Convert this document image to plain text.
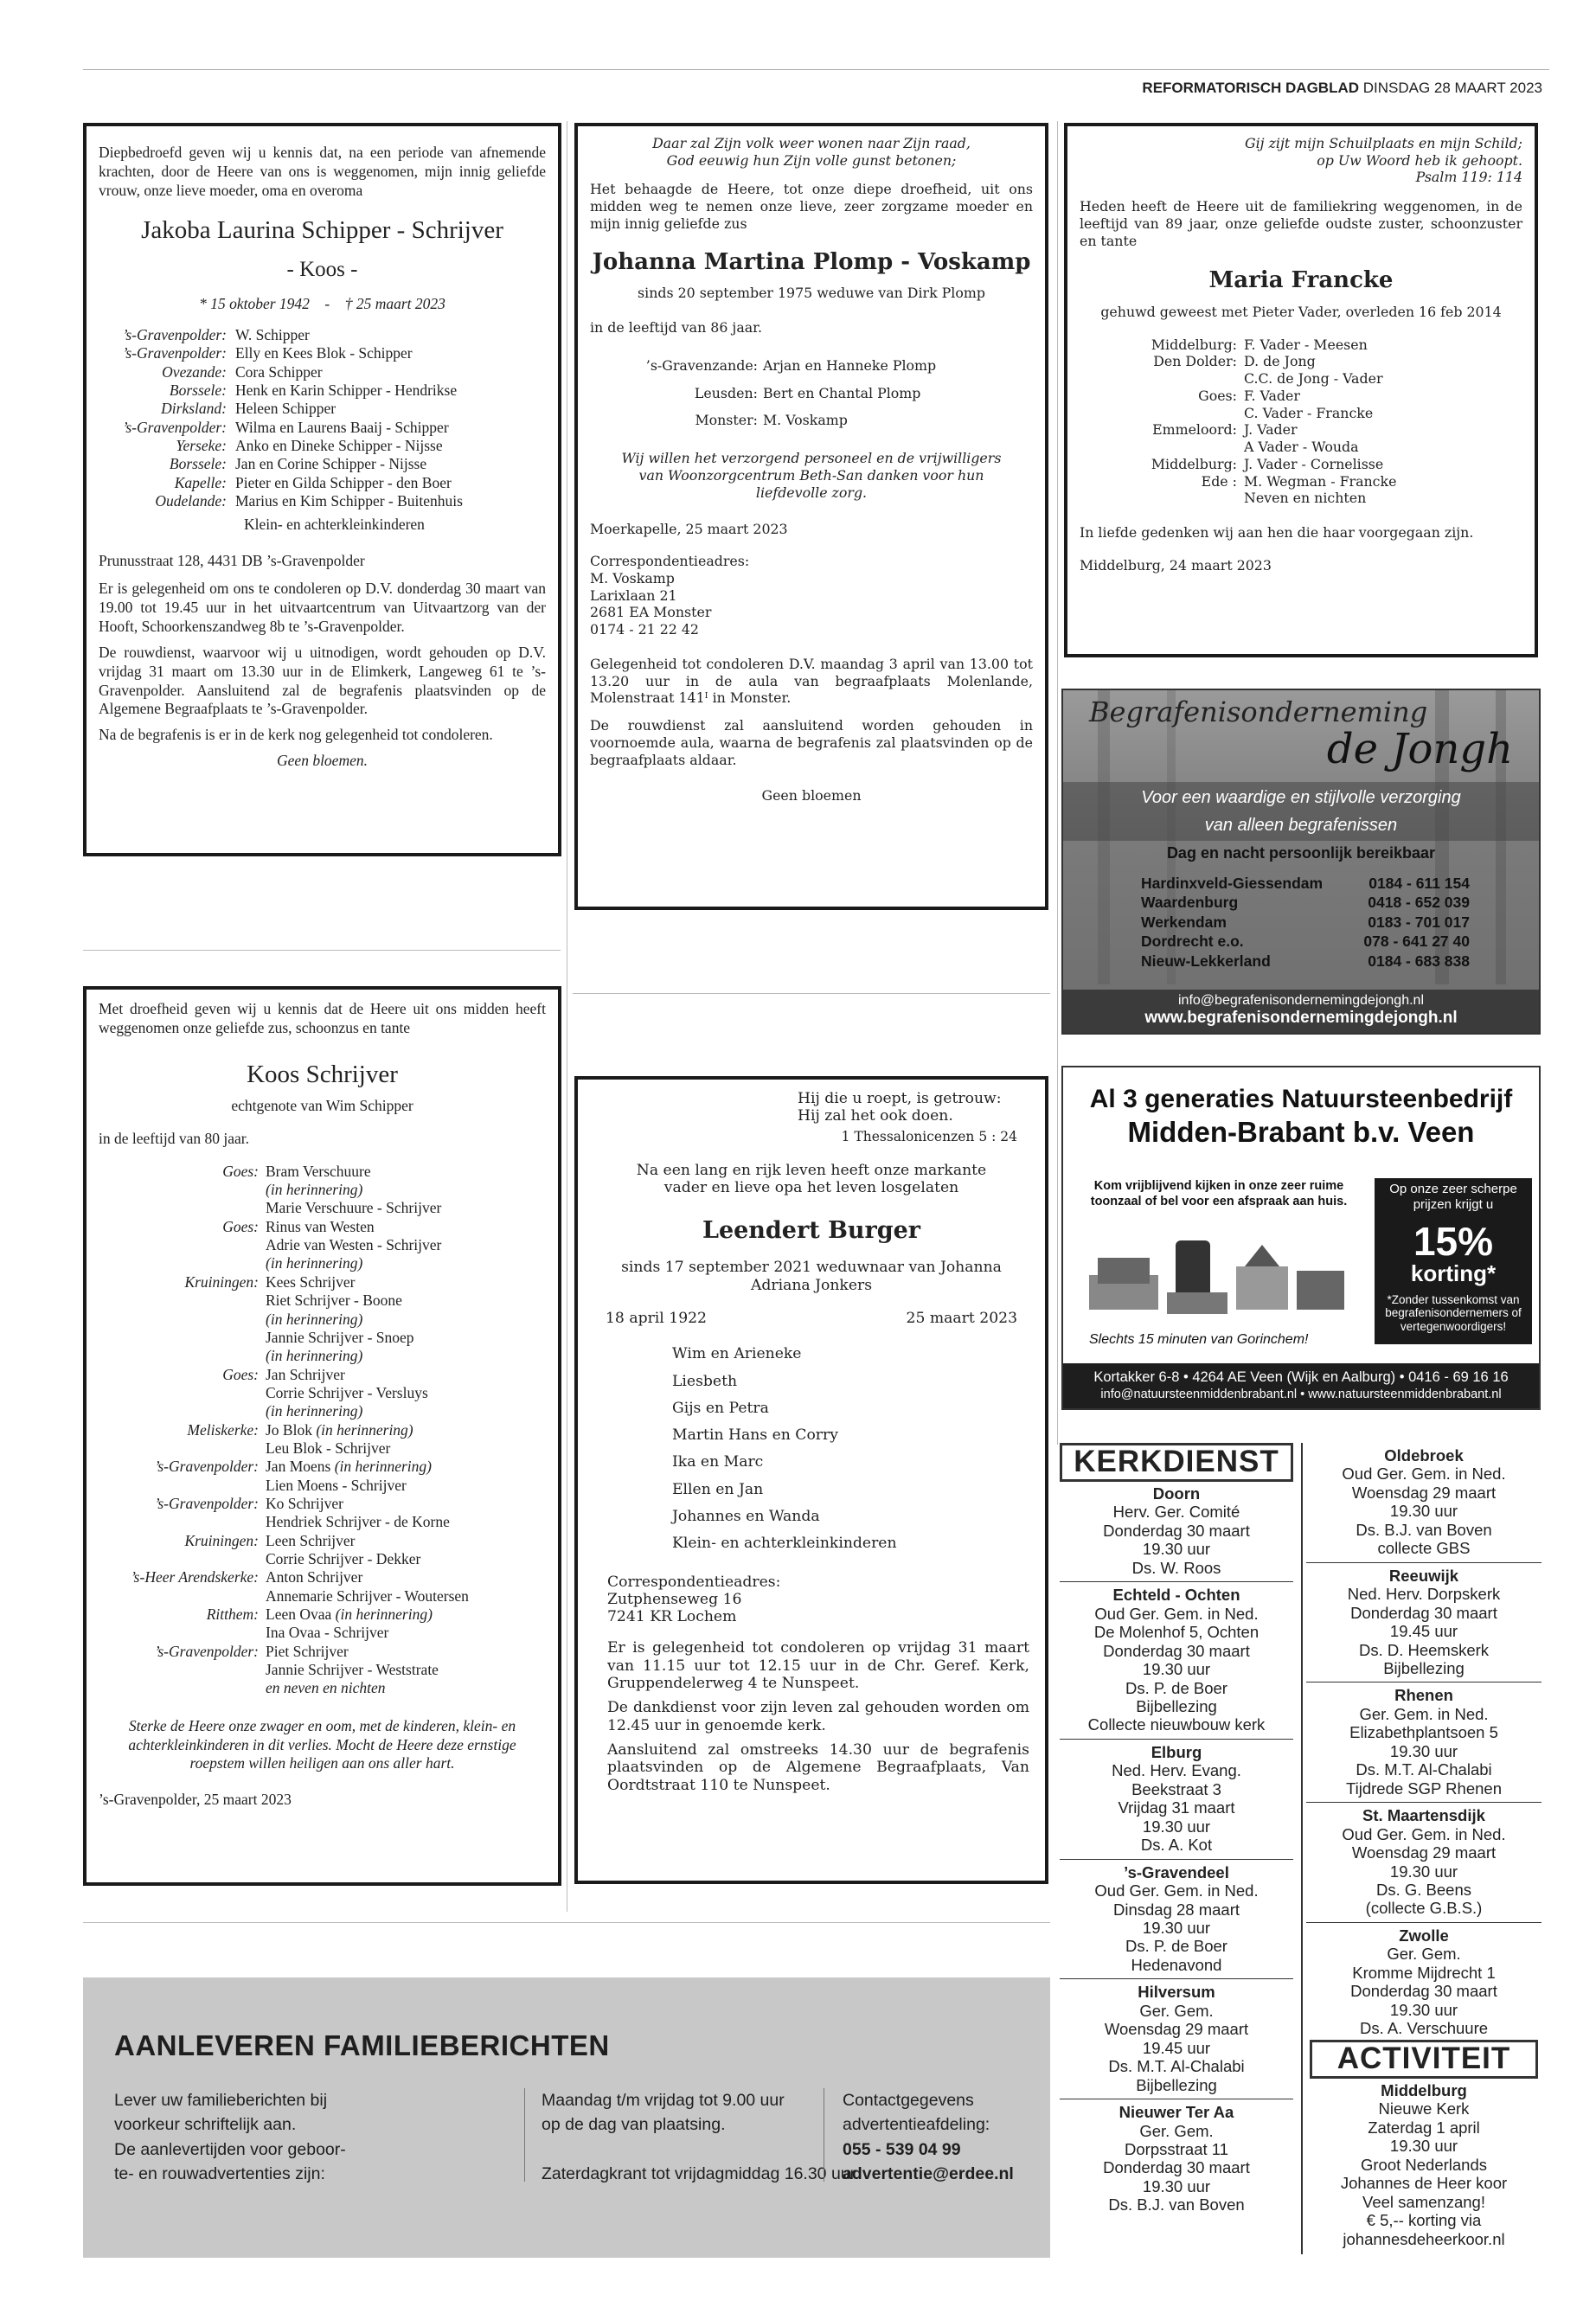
REFORMATORISCH DAGBLAD DINSDAG 28 MAART 2023
Diepbedroefd geven wij u kennis dat, na een periode van afnemende krachten, door de Heere van ons is weggenomen, mijn innig geliefde vrouw, onze lieve moeder, oma en overoma
Jakoba Laurina Schipper - Schrijver
- Koos -
* 15 oktober 1942    -    † 25 maart 2023
’s-Gravenpolder: W. Schipper
’s-Gravenpolder: Elly en Kees Blok - Schipper
Ovezande: Cora Schipper
Borssele: Henk en Karin Schipper - Hendrikse
Dirksland: Heleen Schipper
’s-Gravenpolder: Wilma en Laurens Baaij - Schipper
Yerseke: Anko en Dineke Schipper - Nijsse
Borssele: Jan en Corine Schipper - Nijsse
Kapelle: Pieter en Gilda Schipper - den Boer
Oudelande: Marius en Kim Schipper - Buitenhuis
Klein- en achterkleinkinderen
Prunusstraat 128, 4431 DB ’s-Gravenpolder
Er is gelegenheid om ons te condoleren op D.V. donderdag 30 maart van 19.00 tot 19.45 uur in het uitvaartcentrum van Uitvaartzorg van der Hooft, Schoorkenszandweg 8b te ’s-Gravenpolder.
De rouwdienst, waarvoor wij u uitnodigen, wordt gehouden op D.V. vrijdag 31 maart om 13.30 uur in de Elimkerk, Langeweg 61 te ’s-Gravenpolder. Aansluitend zal de begrafenis plaatsvinden op de Algemene Begraafplaats te ’s-Gravenpolder.
Na de begrafenis is er in de kerk nog gelegenheid tot condoleren.
Geen bloemen.
Daar zal Zijn volk weer wonen naar Zijn raad,
God eeuwig hun Zijn volle gunst betonen;
Het behaagde de Heere, tot onze diepe droefheid, uit ons midden weg te nemen onze lieve, zeer zorgzame moeder en mijn innig geliefde zus
Johanna Martina Plomp - Voskamp
sinds 20 september 1975 weduwe van Dirk Plomp
in de leeftijd van 86 jaar.
’s-Gravenzande: Arjan en Hanneke Plomp
Leusden: Bert en Chantal Plomp
Monster: M. Voskamp
Wij willen het verzorgend personeel en de vrijwilligers van Woonzorgcentrum Beth-San danken voor hun liefdevolle zorg.
Moerkapelle, 25 maart 2023
Correspondentieadres:
M. Voskamp
Larixlaan 21
2681 EA Monster
0174 - 21 22 42
Gelegenheid tot condoleren D.V. maandag 3 april van 13.00 tot 13.20 uur in de aula van begraafplaats Molenlande, Molenstraat 141ᴵ in Monster.
De rouwdienst zal aansluitend worden gehouden in voornoemde aula, waarna de begrafenis zal plaatsvinden op de begraafplaats aldaar.
Geen bloemen
Gij zijt mijn Schuilplaats en mijn Schild;
op Uw Woord heb ik gehoopt.
Psalm 119: 114
Heden heeft de Heere uit de familiekring weggenomen, in de leeftijd van 89 jaar, onze geliefde oudste zuster, schoonzuster en tante
Maria Francke
gehuwd geweest met Pieter Vader, overleden 16 feb 2014
Middelburg: F. Vader - Meesen
Den Dolder: D. de Jong
C.C. de Jong - Vader
Goes: F. Vader
C. Vader - Francke
Emmeloord: J. Vader
A Vader - Wouda
Middelburg: J. Vader - Cornelisse
Ede : M. Wegman - Francke
Neven en nichten
In liefde gedenken wij aan hen die haar voorgegaan zijn.
Middelburg, 24 maart 2023
Met droefheid geven wij u kennis dat de Heere uit ons midden heeft weggenomen onze geliefde zus, schoonzus en tante
Koos Schrijver
echtgenote van Wim Schipper
in de leeftijd van 80 jaar.
Goes: Bram Verschuure
(in herinnering)
Marie Verschuure - Schrijver
Goes: Rinus van Westen
Adrie van Westen - Schrijver
(in herinnering)
Kruiningen: Kees Schrijver
Riet Schrijver - Boone
(in herinnering)
Jannie Schrijver - Snoep
(in herinnering)
Goes: Jan Schrijver
Corrie Schrijver - Versluys
(in herinnering)
Meliskerke: Jo Blok (in herinnering)
Leu Blok - Schrijver
’s-Gravenpolder: Jan Moens (in herinnering)
Lien Moens - Schrijver
’s-Gravenpolder: Ko Schrijver
Hendriek Schrijver - de Korne
Kruiningen: Leen Schrijver
Corrie Schrijver - Dekker
’s-Heer Arendskerke: Anton Schrijver
Annemarie Schrijver - Woutersen
Ritthem: Leen Ovaa (in herinnering)
Ina Ovaa - Schrijver
’s-Gravenpolder: Piet Schrijver
Jannie Schrijver - Weststrate
en neven en nichten
Sterke de Heere onze zwager en oom, met de kinderen, klein- en achterkleinkinderen in dit verlies. Mocht de Heere deze ernstige roepstem willen heiligen aan ons aller hart.
’s-Gravenpolder, 25 maart 2023
Hij die u roept, is getrouw:
Hij zal het ook doen.
1 Thessalonicenzen 5 : 24
Na een lang en rijk leven heeft onze markante vader en lieve opa het leven losgelaten
Leendert Burger
sinds 17 september 2021 weduwnaar van Johanna Adriana Jonkers
18 april 1922	25 maart 2023
Wim en Arieneke
Liesbeth
Gijs en Petra
Martin Hans en Corry
Ika en Marc
Ellen en Jan
Johannes en Wanda
Klein- en achterkleinkinderen
Correspondentieadres:
Zutphenseweg 16
7241 KR Lochem
Er is gelegenheid tot condoleren op vrijdag 31 maart van 11.15 uur tot 12.15 uur in de Chr. Geref. Kerk, Gruppendelerweg 4 te Nunspeet.
De dankdienst voor zijn leven zal gehouden worden om 12.45 uur in genoemde kerk.
Aansluitend zal omstreeks 14.30 uur de begrafenis plaatsvinden op de Algemene Begraafplaats, Van Oordtstraat 110 te Nunspeet.
Begrafenisonderneming
de Jongh
Voor een waardige en stijlvolle verzorging
van alleen begrafenissen
Dag en nacht persoonlijk bereikbaar
Hardinxveld-Giessendam	0184 - 611 154
Waardenburg	0418 - 652 039
Werkendam	0183 - 701 017
Dordrecht e.o.	078 - 641 27 40
Nieuw-Lekkerland	0184 - 683 838
info@begrafenisondernemingdejongh.nl
www.begrafenisondernemingdejongh.nl
Al 3 generaties Natuursteenbedrijf
Midden-Brabant b.v. Veen
Kom vrijblijvend kijken in onze zeer ruime toonzaal of bel voor een afspraak aan huis.
Slechts 15 minuten van Gorinchem!
Op onze zeer scherpe prijzen krijgt u
15%
korting*
*Zonder tussenkomst van begrafenisondernemers of vertegenwoordigers!
Kortakker 6-8 • 4264 AE Veen (Wijk en Aalburg) • 0416 - 69 16 16
info@natuursteenmiddenbrabant.nl • www.natuursteenmiddenbrabant.nl
KERKDIENST
Doorn
Herv. Ger. Comité
Donderdag 30 maart
19.30 uur
Ds. W. Roos
Echteld - Ochten
Oud Ger. Gem. in Ned.
De Molenhof 5, Ochten
Donderdag 30 maart
19.30 uur
Ds. P. de Boer
Bijbellezing
Collecte nieuwbouw kerk
Elburg
Ned. Herv. Evang.
Beekstraat 3
Vrijdag 31 maart
19.30 uur
Ds. A. Kot
’s-Gravendeel
Oud Ger. Gem. in Ned.
Dinsdag 28 maart
19.30 uur
Ds. P. de Boer
Hedenavond
Hilversum
Ger. Gem.
Woensdag 29 maart
19.45 uur
Ds. M.T. Al-Chalabi
Bijbellezing
Nieuwer Ter Aa
Ger. Gem.
Dorpsstraat 11
Donderdag 30 maart
19.30 uur
Ds. B.J. van Boven
Oldebroek
Oud Ger. Gem. in Ned.
Woensdag 29 maart
19.30 uur
Ds. B.J. van Boven
collecte GBS
Reeuwijk
Ned. Herv. Dorpskerk
Donderdag 30 maart
19.45 uur
Ds. D. Heemskerk
Bijbellezing
Rhenen
Ger. Gem. in Ned.
Elizabethplantsoen 5
19.30 uur
Ds. M.T. Al-Chalabi
Tijdrede SGP Rhenen
St. Maartensdijk
Oud Ger. Gem. in Ned.
Woensdag 29 maart
19.30 uur
Ds. G. Beens
(collecte G.B.S.)
Zwolle
Ger. Gem.
Kromme Mijdrecht 1
Donderdag 30 maart
19.30 uur
Ds. A. Verschuure
ACTIVITEIT
Middelburg
Nieuwe Kerk
Zaterdag 1 april
19.30 uur
Groot Nederlands
Johannes de Heer koor
Veel samenzang!
€ 5,-- korting via
johannesdeheerkoor.nl
AANLEVEREN FAMILIEBERICHTEN
Lever uw familieberichten bij
voorkeur schriftelijk aan.
De aanlevertijden voor geboor-
te- en rouwadvertenties zijn:
Maandag t/m vrijdag tot 9.00 uur
op de dag van plaatsing.
Zaterdagkrant tot vrijdagmiddag 16.30 uur.
Contactgegevens
advertentieafdeling:
055 - 539 04 99
advertentie@erdee.nl
